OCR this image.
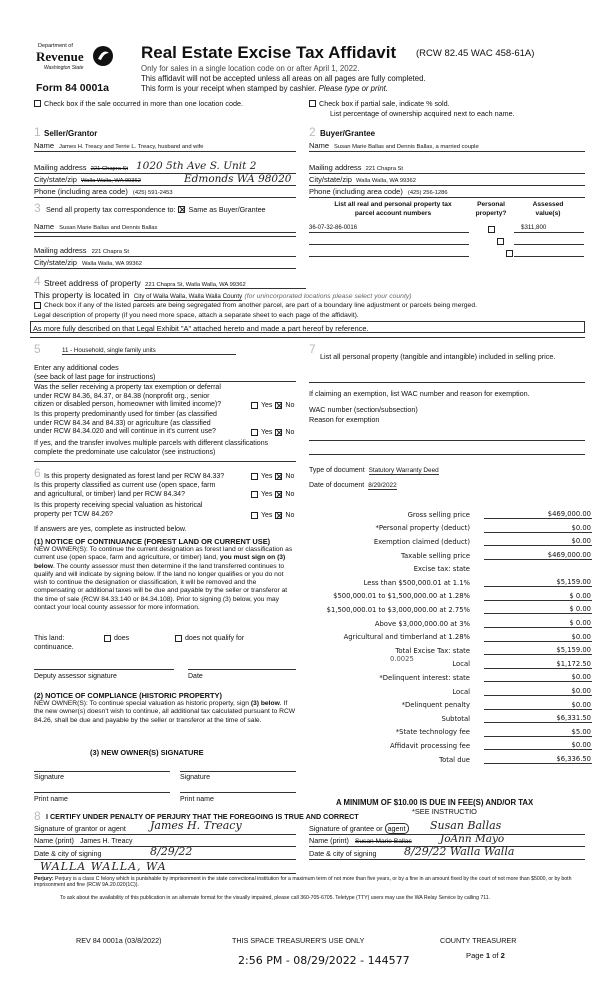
Department of
Revenue
Washington State
Form 84 0001a
Real Estate Excise Tax Affidavit (RCW 82.45 WAC 458-61A)
Only for sales in a single location code on or after April 1, 2022.
This affidavit will not be accepted unless all areas on all pages are fully completed.
This form is your receipt when stamped by cashier. Please type or print.
Check box if the sale occurred in more than one location code.	Check box if partial sale, indicate % sold.
List percentage of ownership acquired next to each name.
1 Seller/Grantor
Name James H. Treacy and Terrie L. Treacy, husband and wife
2 Buyer/Grantee
Name Susan Marie Ballas and Dennis Ballas, a married couple
Mailing address 221 Chapra St 1020 5th Ave S. Unit 2
City/state/zip Walla Walla, WA 99362	Edmonds WA 98020
Phone (including area code) (425) 591-2453
Mailing address 221 Chapra St
City/state/zip Walla Walla, WA 99362
Phone (including area code) (425) 256-1286
3 Send all property tax correspondence to: Same as Buyer/Grantee
Name Susan Marie Ballas and Dennis Ballas
Mailing address 221 Chapra St
City/state/zip Walla Walla, WA 99362
List all real and personal property tax
parcel account numbers
Personal
property?
Assessed
value(s)
36-07-32-86-0016
	$311,800

4 Street address of property 221 Chapra St, Walla Walla, WA 99362
This property is located in City of Walla Walla, Walla Walla County (for unincorporated locations please select your county)
Check box if any of the listed parcels are being segregated from another parcel, are part of a boundary line adjustment or parcels being merged.
Legal description of property (if you need more space, attach a separate sheet to each page of the affidavit).
As more fully described on that Legal Exhibit "A" attached hereto and made a part hereof by reference.
5	11 - Household, single family units
Enter any additional codes
(see back of last page for instructions)
Was the seller receiving a property tax exemption or deferral
under RCW 84.36, 84.37, or 84.38 (nonprofit org., senior
citizen or disabled person, homeowner with limited income)?	Yes No
Is this property predominantly used for timber (as classified
under RCW 84.34 and 84.33) or agriculture (as classified
under RCW 84.34.020 and will continue in it's current use?	Yes No
If yes, and the transfer involves multiple parcels with different classifications
complete the predominate use calculator (see instructions)
7
List all personal property (tangible and intangible) included in selling price.
If claiming an exemption, list WAC number and reason for exemption.
WAC number (section/subsection)
Reason for exemption
6 Is this property designated as forest land per RCW 84.33?	Yes No
Is this property classified as current use (open space, farm
and agricultural, or timber) land per RCW 84.34?	Yes No
Is this property receiving special valuation as historical
property per TCW 84.26?	Yes No
If answers are yes, complete as instructed below.
(1) NOTICE OF CONTINUANCE (FOREST LAND OR CURRENT USE)
NEW OWNER(S): To continue the current designation as forest land or classification as current use (open space, farm and agriculture, or timber) land, you must sign on (3) below. The county assessor must then determine if the land transferred continues to qualify and will indicate by signing below. If the land no longer qualifies or you do not wish to continue the designation or classification, it will be removed and the compensating or additional taxes will be due and payable by the seller or transferor at the time of sale (RCW 84.33.140 or 84.34.108). Prior to signing (3) below, you may contact your local county assessor for more information.
This land:	does	does not qualify for
continuance.
Deputy assessor signature	Date
(2) NOTICE OF COMPLIANCE (HISTORIC PROPERTY)
NEW OWNER(S): To continue special valuation as historic property, sign (3) below. If the new owner(s) doesn't wish to continue, all additional tax calculated pursuant to RCW 84.26, shall be due and payable by the seller or transferor at the time of sale.
(3) NEW OWNER(S) SIGNATURE
Signature	Signature
Print name	Print name
Type of document Statutory Warranty Deed
Date of document 8/29/2022
Gross selling price	$469,000.00
*Personal property (deduct)	$0.00
Exemption claimed (deduct)	$0.00
Taxable selling price	$469,000.00
Excise tax: state
Less than $500,000.01 at 1.1%	$5,159.00
$500,000.01 to $1,500,000.00 at 1.28%	$ 0.00
$1,500,000.01 to $3,000,000.00 at 2.75%	$ 0.00
Above $3,000,000.00 at 3%	$ 0.00
Agricultural and timberland at 1.28%	$0.00
Total Excise Tax: state	$5,159.00
Local	$1,172.50
*Delinquent interest: state	$0.00
Local	$0.00
*Delinquent penalty	$0.00
Subtotal	$6,331.50
*State technology fee	$5.00
Affidavit processing fee	$0.00
Total due	$6,336.50
0.0025
A MINIMUM OF $10.00 IS DUE IN FEE(S) AND/OR TAX
*SEE INSTRUCTIO
8 I CERTIFY UNDER PENALTY OF PERJURY THAT THE FOREGOING IS TRUE AND CORRECT
Signature of grantor or agent	James H. Treacy
Name (print) James H. Treacy
Date & city of signing	8/29/22
WALLA WALLA, WA
Signature of grantee or agent	Susan Ballas
Name (print) Susan Marie Ballas	JoAnn Mayo
Date & city of signing	8/29/22 Walla Walla
Perjury: Perjury is a class C felony which is punishable by imprisonment in the state correctional institution for a maximum term of not more than five years, or by a fine in an amount fixed by the court of not more than $5000, or by both imprisonment and fine (RCW 9A.20.020(1C)).
To ask about the availability of this publication in an alternate format for the visually impaired, please call 360-705-6705. Teletype (TTY) users may use the WA Relay Service by calling 711.
REV 84 0001a (03/8/2022)	THIS SPACE TREASURER'S USE ONLY	COUNTY TREASURER
Page 1 of 2
2:56 PM - 08/29/2022 - 144577
